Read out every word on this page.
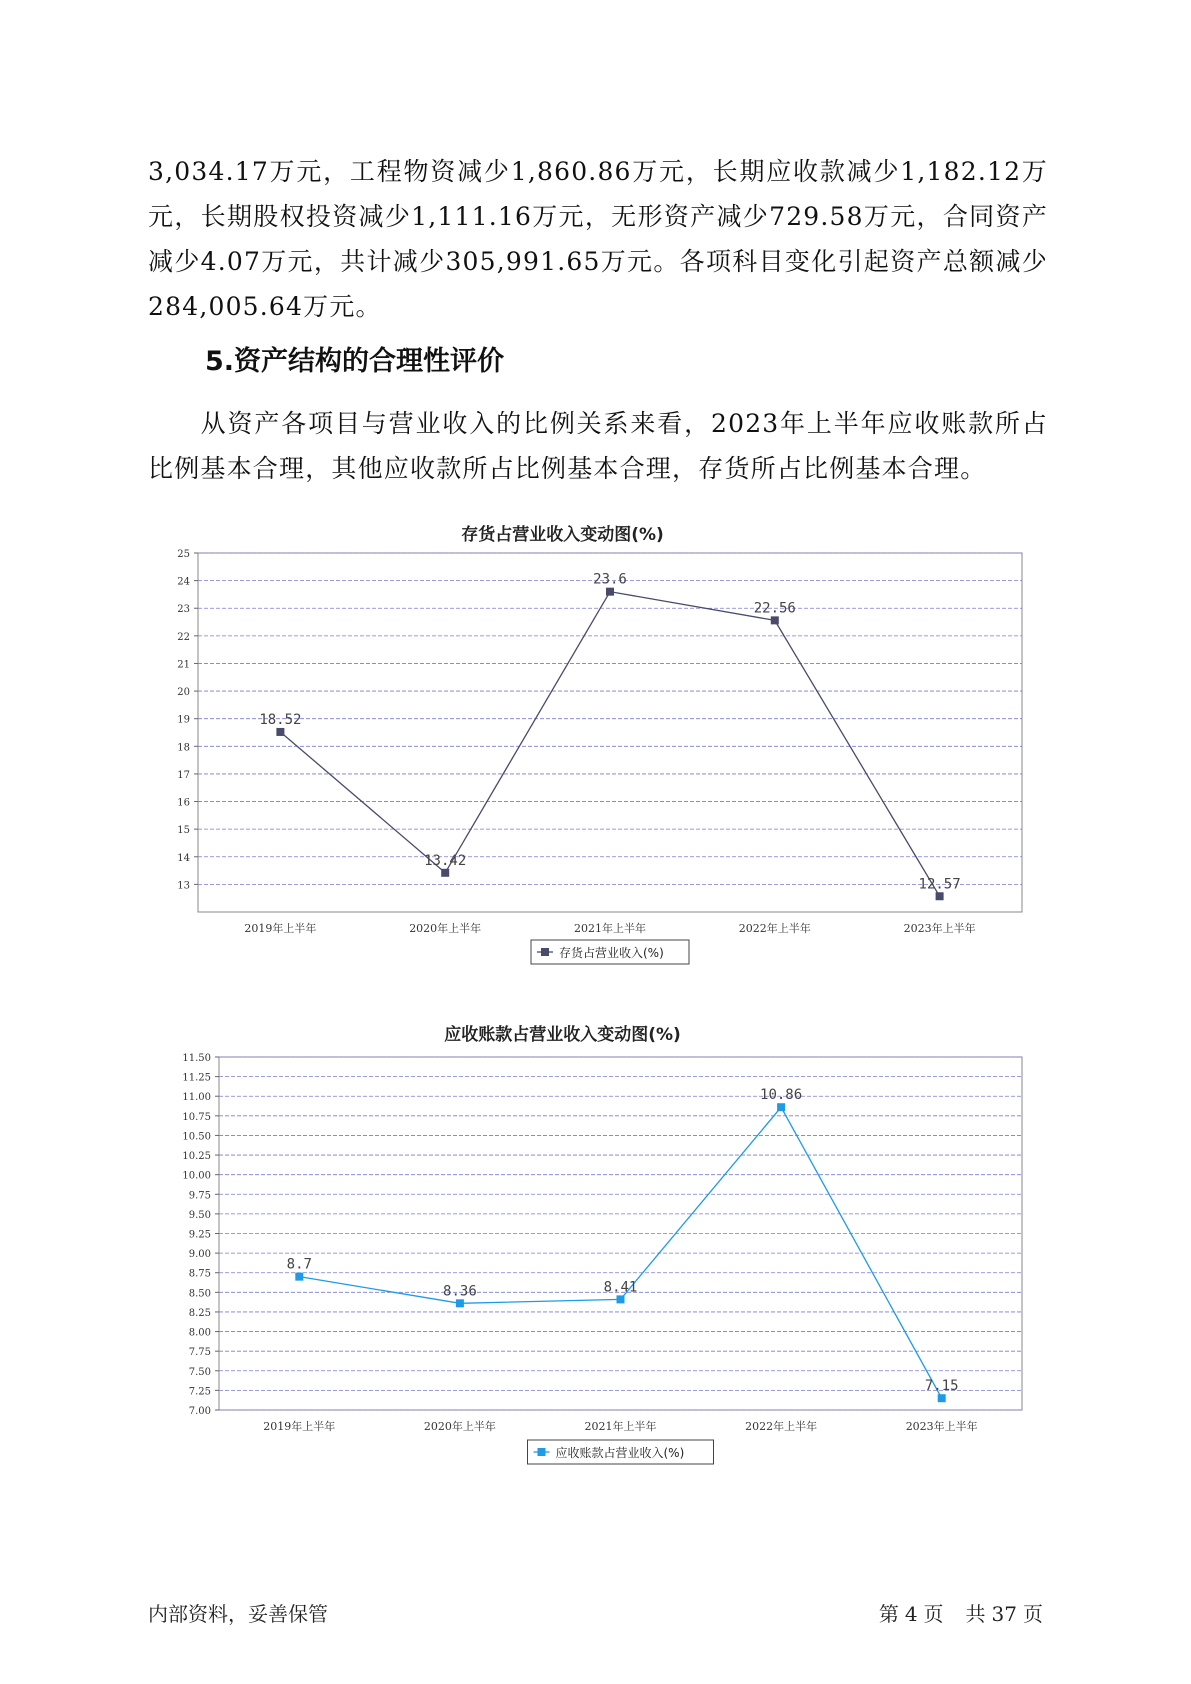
3,034.17万元，工程物资减少1,860.86万元，长期应收款减少1,182.12万元，长期股权投资减少1,111.16万元，无形资产减少729.58万元，合同资产减少4.07万元，共计减少305,991.65万元。各项科目变化引起资产总额减少284,005.64万元。
5.资产结构的合理性评价
从资产各项目与营业收入的比例关系来看，2023年上半年应收账款所占比例基本合理，其他应收款所占比例基本合理，存货所占比例基本合理。
存货占营业收入变动图(%)
13
14
15
16
17
18
19
20
21
22
23
24
25
2019年上半年	2020年上半年	2021年上半年	2022年上半年	2023年上半年
18.52
13.42
23.6
22.56
12.57
存货占营业收入(%)
应收账款占营业收入变动图(%)
7.00
7.25
7.50
7.75
8.00
8.25
8.50
8.75
9.00
9.25
9.50
9.75
10.00
10.25
10.50
10.75
11.00
11.25
11.50
2019年上半年	2020年上半年	2021年上半年	2022年上半年	2023年上半年
8.7
8.36	8.41
10.86
7.15
应收账款占营业收入(%)
内部资料，妥善保管	第 4 页 共 37 页
